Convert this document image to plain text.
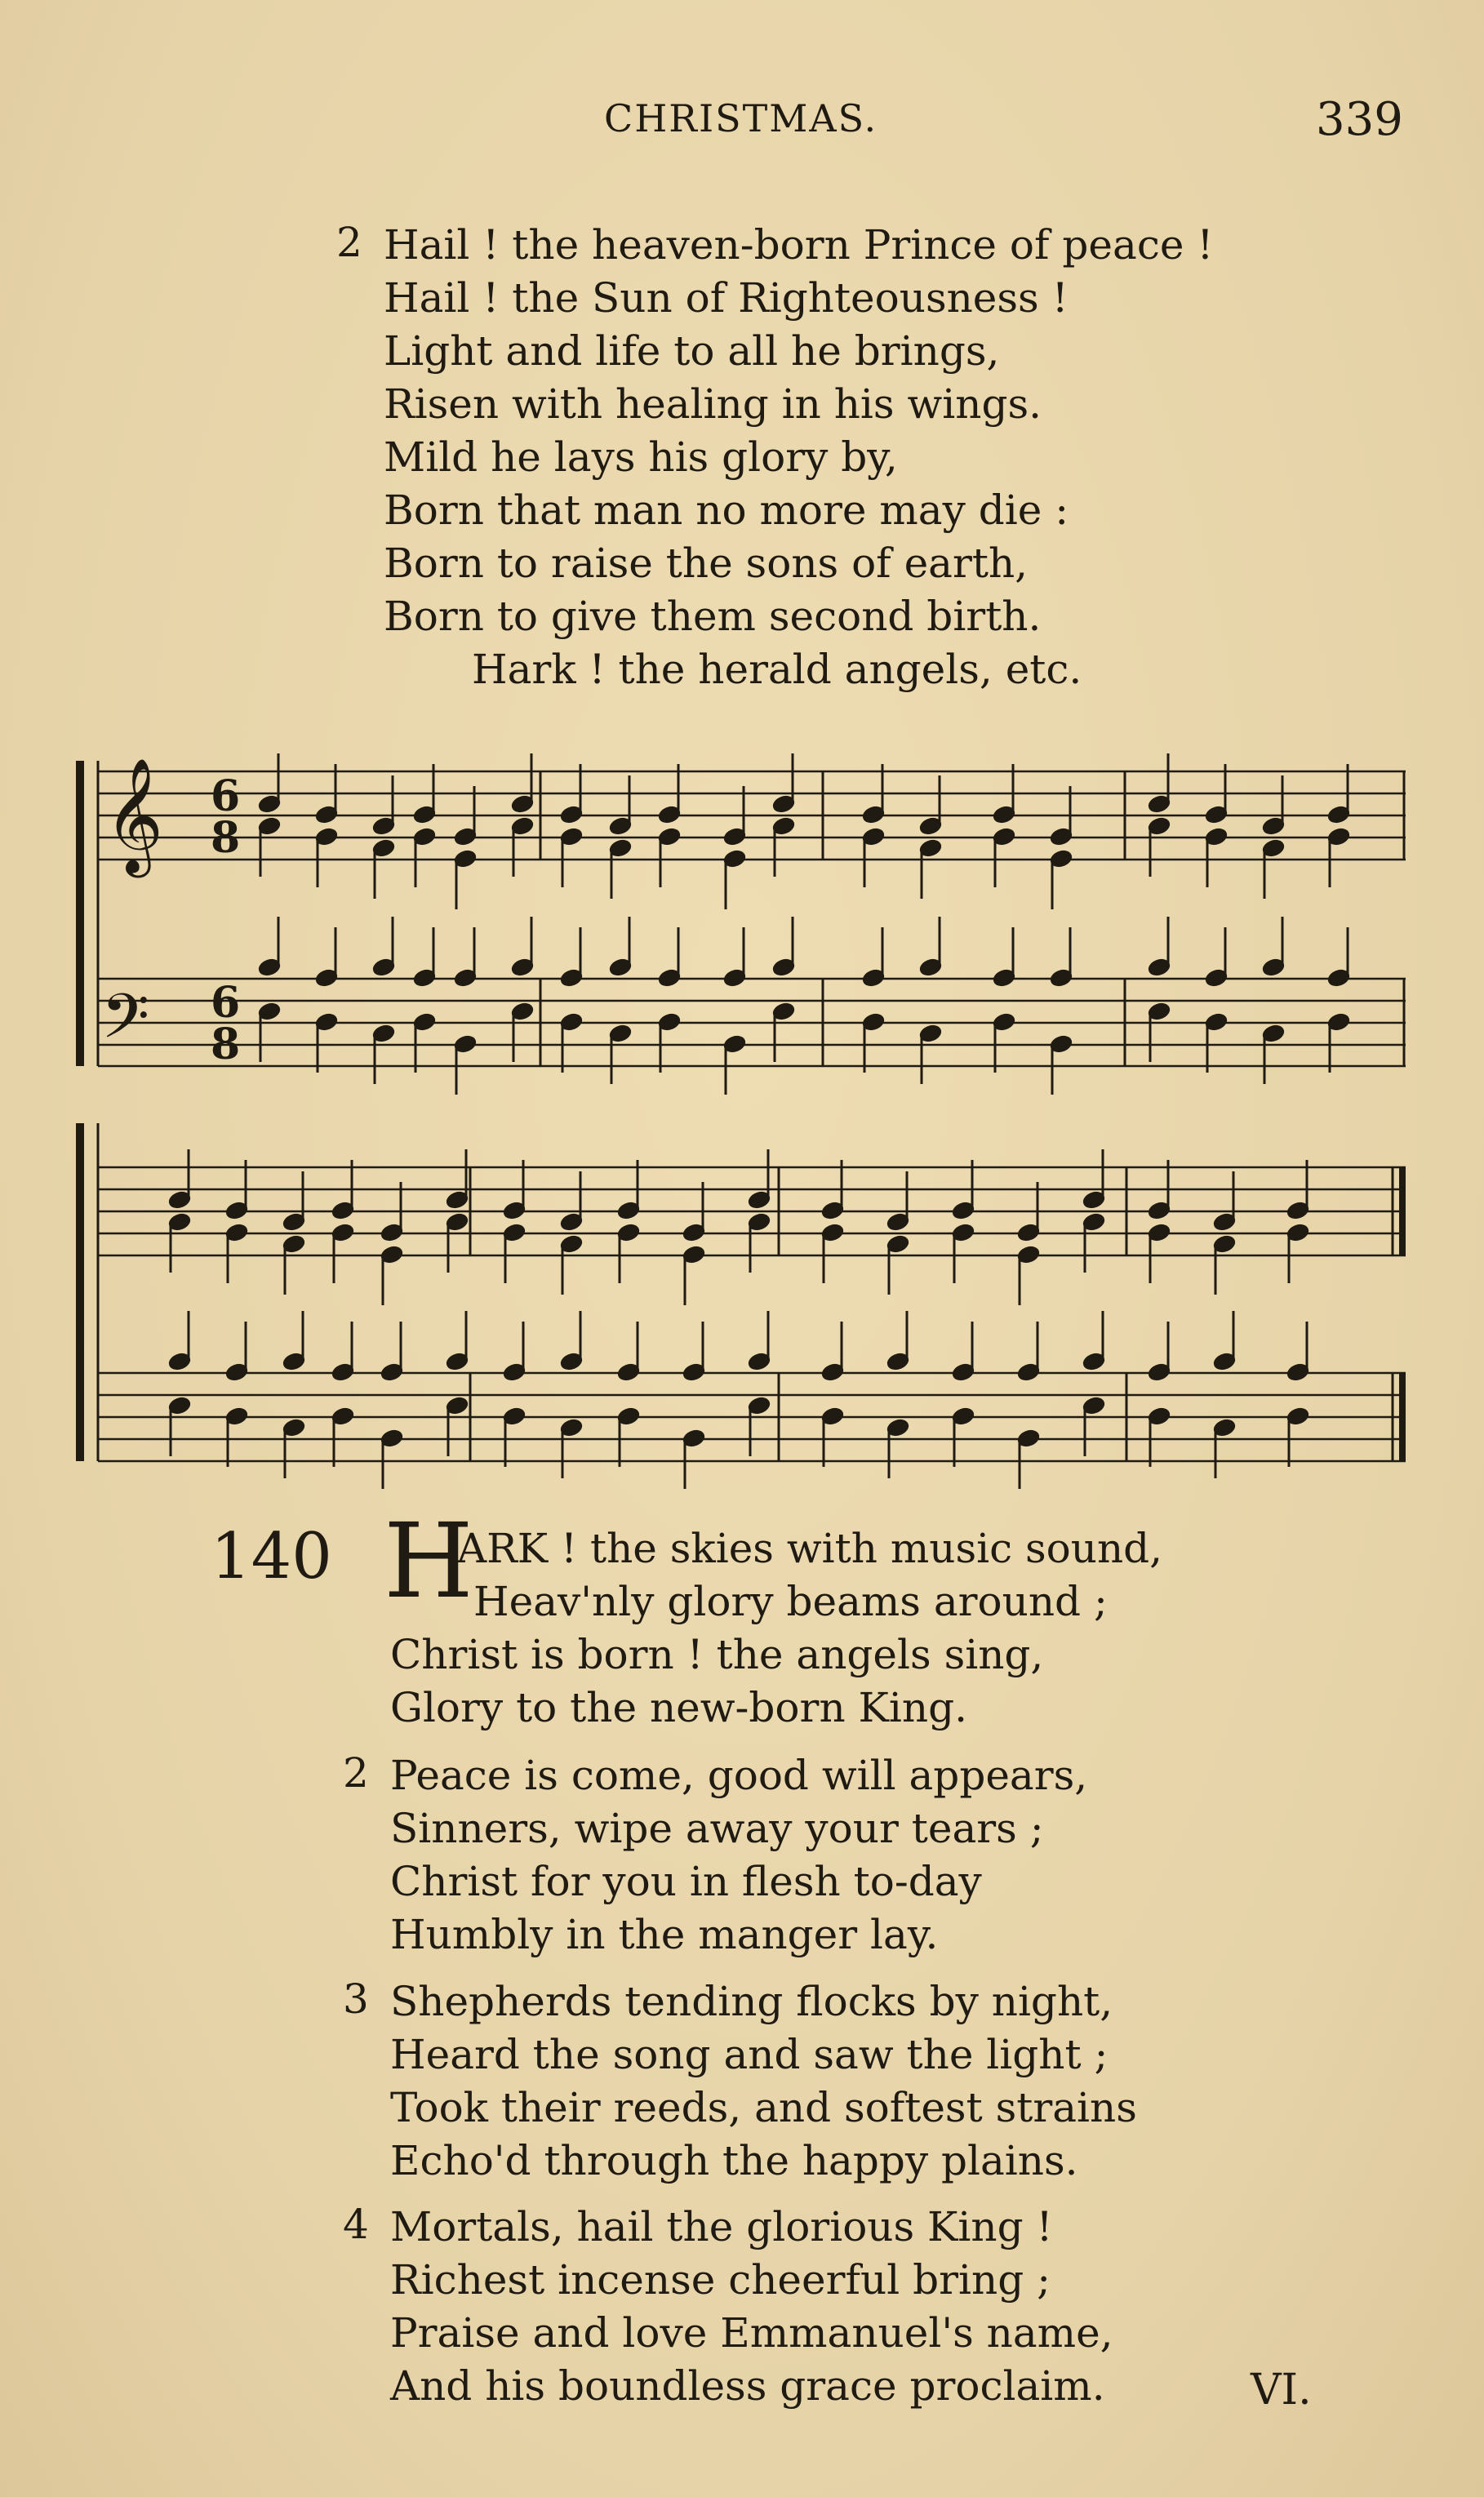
CHRISTMAS.	339
2 Hail ! the heaven-born Prince of peace !
Hail ! the Sun of Righteousness !
Light and life to all he brings,
Risen with healing in his wings.
Mild he lays his glory by,
Born that man no more may die :
Born to raise the sons of earth,
Born to give them second birth.
Hark ! the herald angels, etc.
𝄞
𝄢
6
8
6
8
140 H
ARK ! the skies with music sound,
Heav'nly glory beams around ;
Christ is born ! the angels sing,
Glory to the new-born King.
2 Peace is come, good will appears,
Sinners, wipe away your tears ;
Christ for you in flesh to-day
Humbly in the manger lay.
3 Shepherds tending flocks by night,
Heard the song and saw the light ;
Took their reeds, and softest strains
Echo'd through the happy plains.
4 Mortals, hail the glorious King !
Richest incense cheerful bring ;
Praise and love Emmanuel's name,
And his boundless grace proclaim.	VI.
